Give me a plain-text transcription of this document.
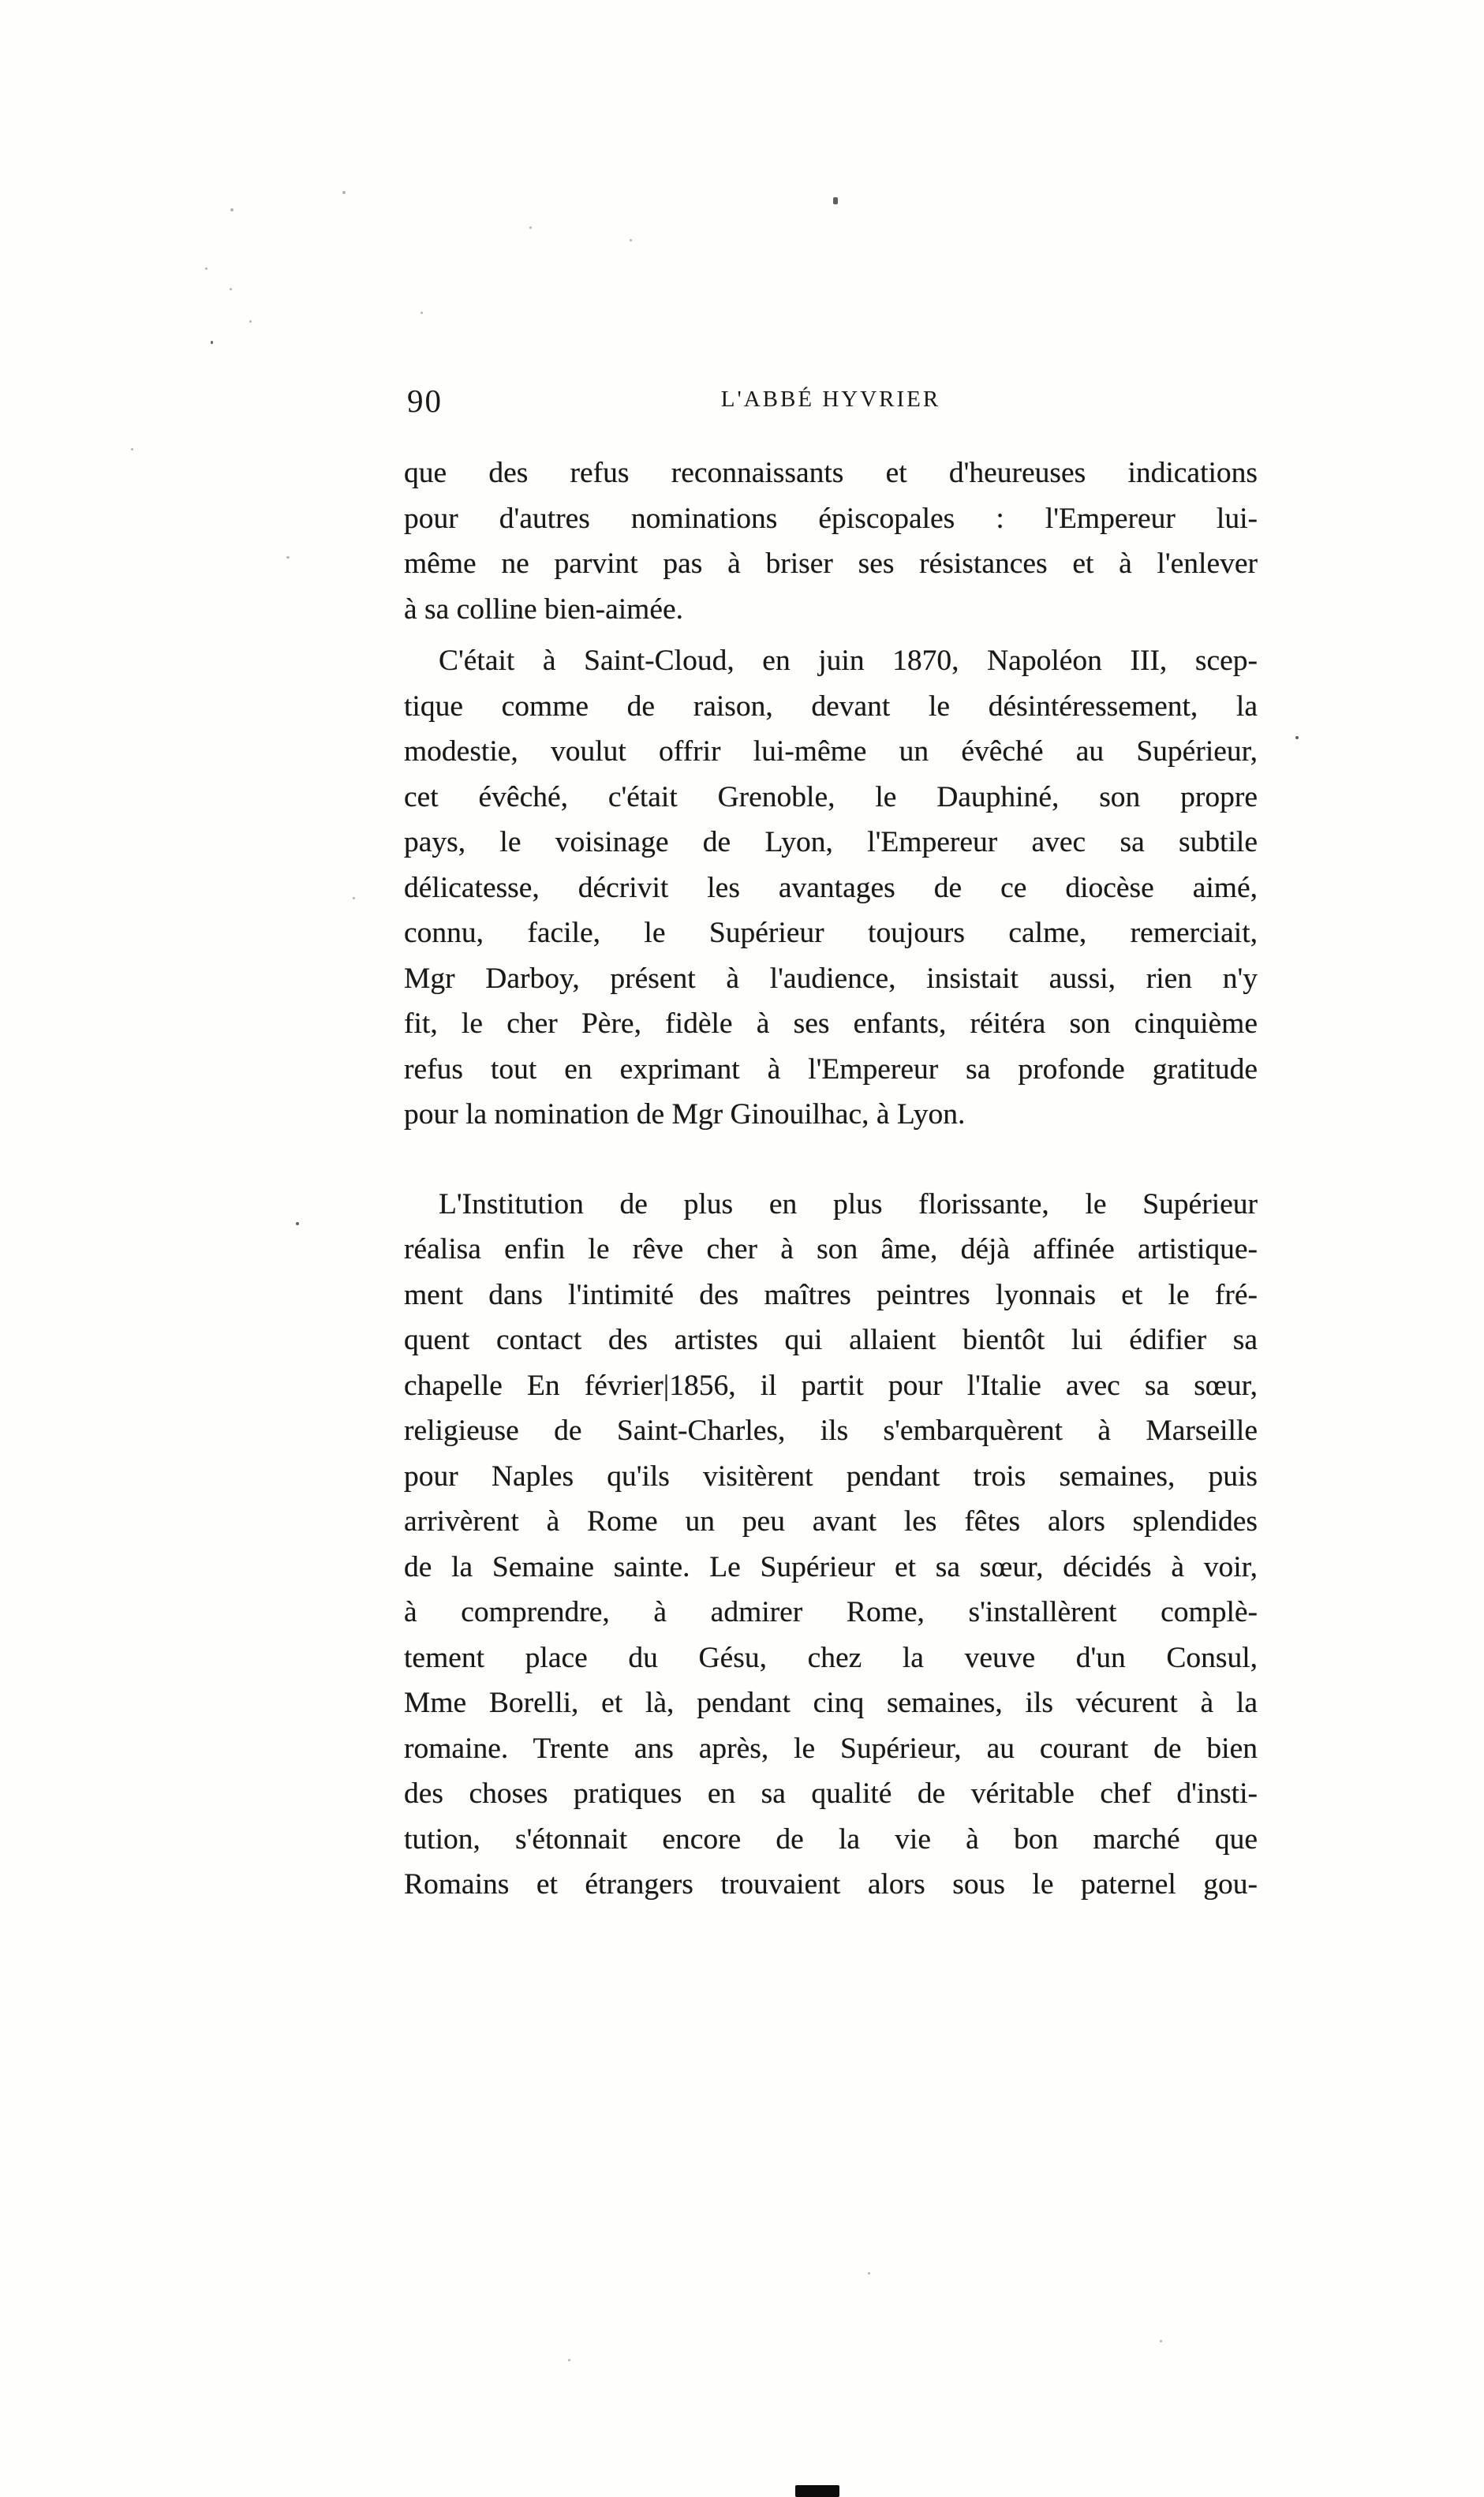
90	L'ABBÉ HYVRIER
que des refus reconnaissants et d'heureuses indications
pour d'autres nominations épiscopales : l'Empereur lui-
même ne parvint pas à briser ses résistances et à l'enlever
à sa colline bien-aimée.
C'était à Saint-Cloud, en juin 1870, Napoléon III, scep-
tique comme de raison, devant le désintéressement, la
modestie, voulut offrir lui-même un évêché au Supérieur,
cet évêché, c'était Grenoble, le Dauphiné, son propre
pays, le voisinage de Lyon, l'Empereur avec sa subtile
délicatesse, décrivit les avantages de ce diocèse aimé,
connu, facile, le Supérieur toujours calme, remerciait,
Mgr Darboy, présent à l'audience, insistait aussi, rien n'y
fit, le cher Père, fidèle à ses enfants, réitéra son cinquième
refus tout en exprimant à l'Empereur sa profonde gratitude
pour la nomination de Mgr Ginouilhac, à Lyon.
L'Institution de plus en plus florissante, le Supérieur
réalisa enfin le rêve cher à son âme, déjà affinée artistique-
ment dans l'intimité des maîtres peintres lyonnais et le fré-
quent contact des artistes qui allaient bientôt lui édifier sa
chapelle En février|1856, il partit pour l'Italie avec sa sœur,
religieuse de Saint-Charles, ils s'embarquèrent à Marseille
pour Naples qu'ils visitèrent pendant trois semaines, puis
arrivèrent à Rome un peu avant les fêtes alors splendides
de la Semaine sainte. Le Supérieur et sa sœur, décidés à voir,
à comprendre, à admirer Rome, s'installèrent complè-
tement place du Gésu, chez la veuve d'un Consul,
Mme Borelli, et là, pendant cinq semaines, ils vécurent à la
romaine. Trente ans après, le Supérieur, au courant de bien
des choses pratiques en sa qualité de véritable chef d'insti-
tution, s'étonnait encore de la vie à bon marché que
Romains et étrangers trouvaient alors sous le paternel gou-
